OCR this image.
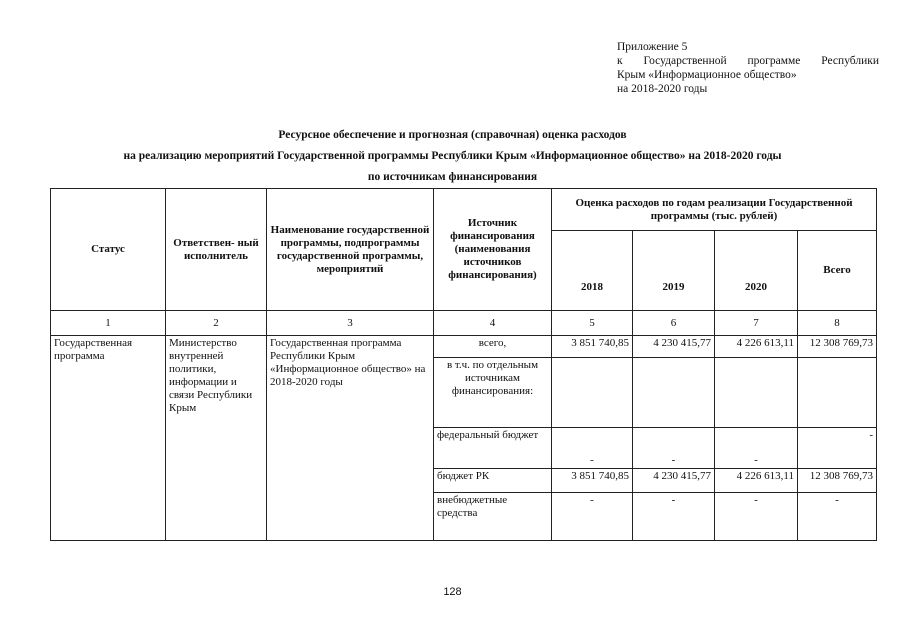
Приложение 5
к Государственной программе Республики
Крым «Информационное общество»
на 2018-2020 годы
Ресурсное обеспечение и прогнозная (справочная) оценка расходов
на реализацию мероприятий Государственной программы Республики Крым «Информационное общество» на 2018-2020 годы
по источникам финансирования
Статус	Ответствен- ный исполнитель	Наименование государственной программы, подпрограммы государственной программы, мероприятий	Источник финансирования (наименования источников финансирования)	Оценка расходов по годам реализации Государственной программы (тыс. рублей)			
				2018	2019	2020	Всего
1	2	3	4	5	6	7	8
Государственная программа	Министерство внутренней политики, информации и связи Республики Крым	Государственная программа Республики Крым «Информационное общество» на 2018-2020 годы	всего,	3 851 740,85	4 230 415,77	4 226 613,11	12 308 769,73
			в т.ч. по отдельным источникам финансирования:				
			федеральный бюджет	-	-	-	-
			бюджет РК	3 851 740,85	4 230 415,77	4 226 613,11	12 308 769,73
			внебюджетные средства	-	-	-	-
128
